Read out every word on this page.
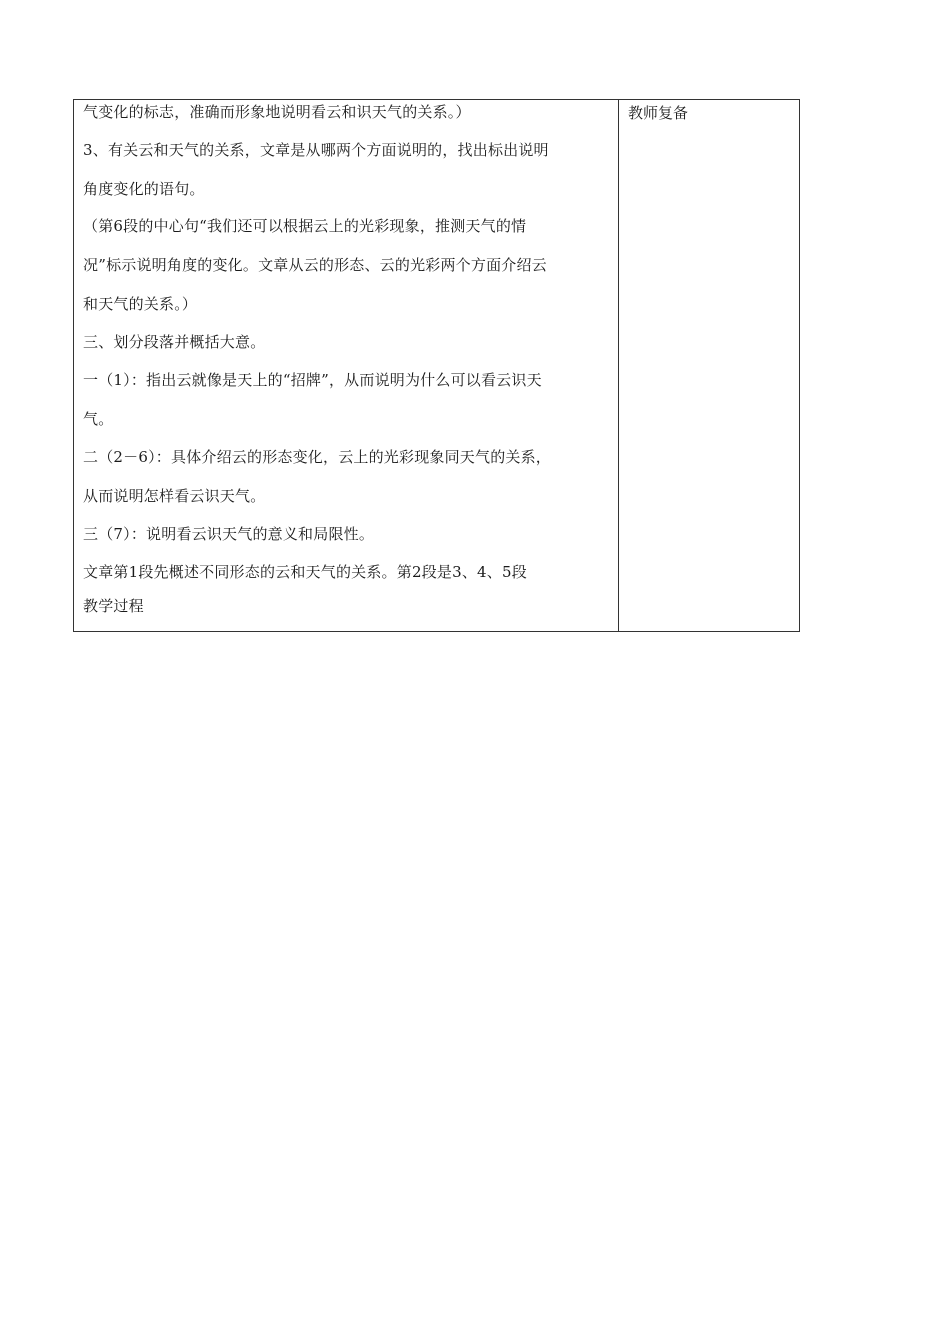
气变化的标志，准确而形象地说明看云和识天气的关系。）
3、有关云和天气的关系，文章是从哪两个方面说明的，找出标出说明
角度变化的语句。
（第6段的中心句“我们还可以根据云上的光彩现象，推测天气的情
况”标示说明角度的变化。文章从云的形态、云的光彩两个方面介绍云
和天气的关系。）
三、划分段落并概括大意。
一（1）：指出云就像是天上的“招牌”，从而说明为什么可以看云识天
气。
二（2－6）：具体介绍云的形态变化，云上的光彩现象同天气的关系，
从而说明怎样看云识天气。
三（7）：说明看云识天气的意义和局限性。
文章第1段先概述不同形态的云和天气的关系。第2段是3、4、5段
教学过程
教师复备
